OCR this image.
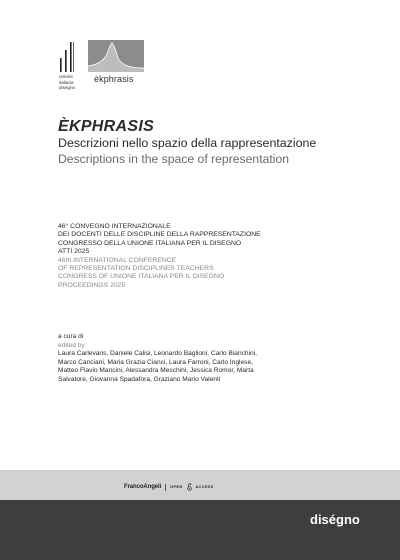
unione
italiana
disegno
èkphrasis
ÈKPHRASIS
Descrizioni nello spazio della rappresentazione
Descriptions in the space of representation
46° CONVEGNO INTERNAZIONALE
DEI DOCENTI DELLE DISCIPLINE DELLA RAPPRESENTAZIONE
CONGRESSO DELLA UNIONE ITALIANA PER IL DISEGNO
ATTI 2025
46th INTERNATIONAL CONFERENCE
OF REPRESENTATION DISCIPLINES TEACHERS
CONGRESS OF UNIONE ITALIANA PER IL DISEGNO
PROCEEDINGS 2025
a cura di
edited by
Laura Carlevaris, Daniele Calisi, Leonardo Baglioni, Carlo Bianchini,
Marco Canciani, Maria Grazia Cianci, Laura Farroni, Carlo Inglese,
Matteo Flavio Mancini, Alessandra Meschini, Jessica Romor, Marta
Salvatore, Giovanna Spadafora, Graziano Mario Valenti
FrancoAngeli OPEN	ACCESS
diségno
